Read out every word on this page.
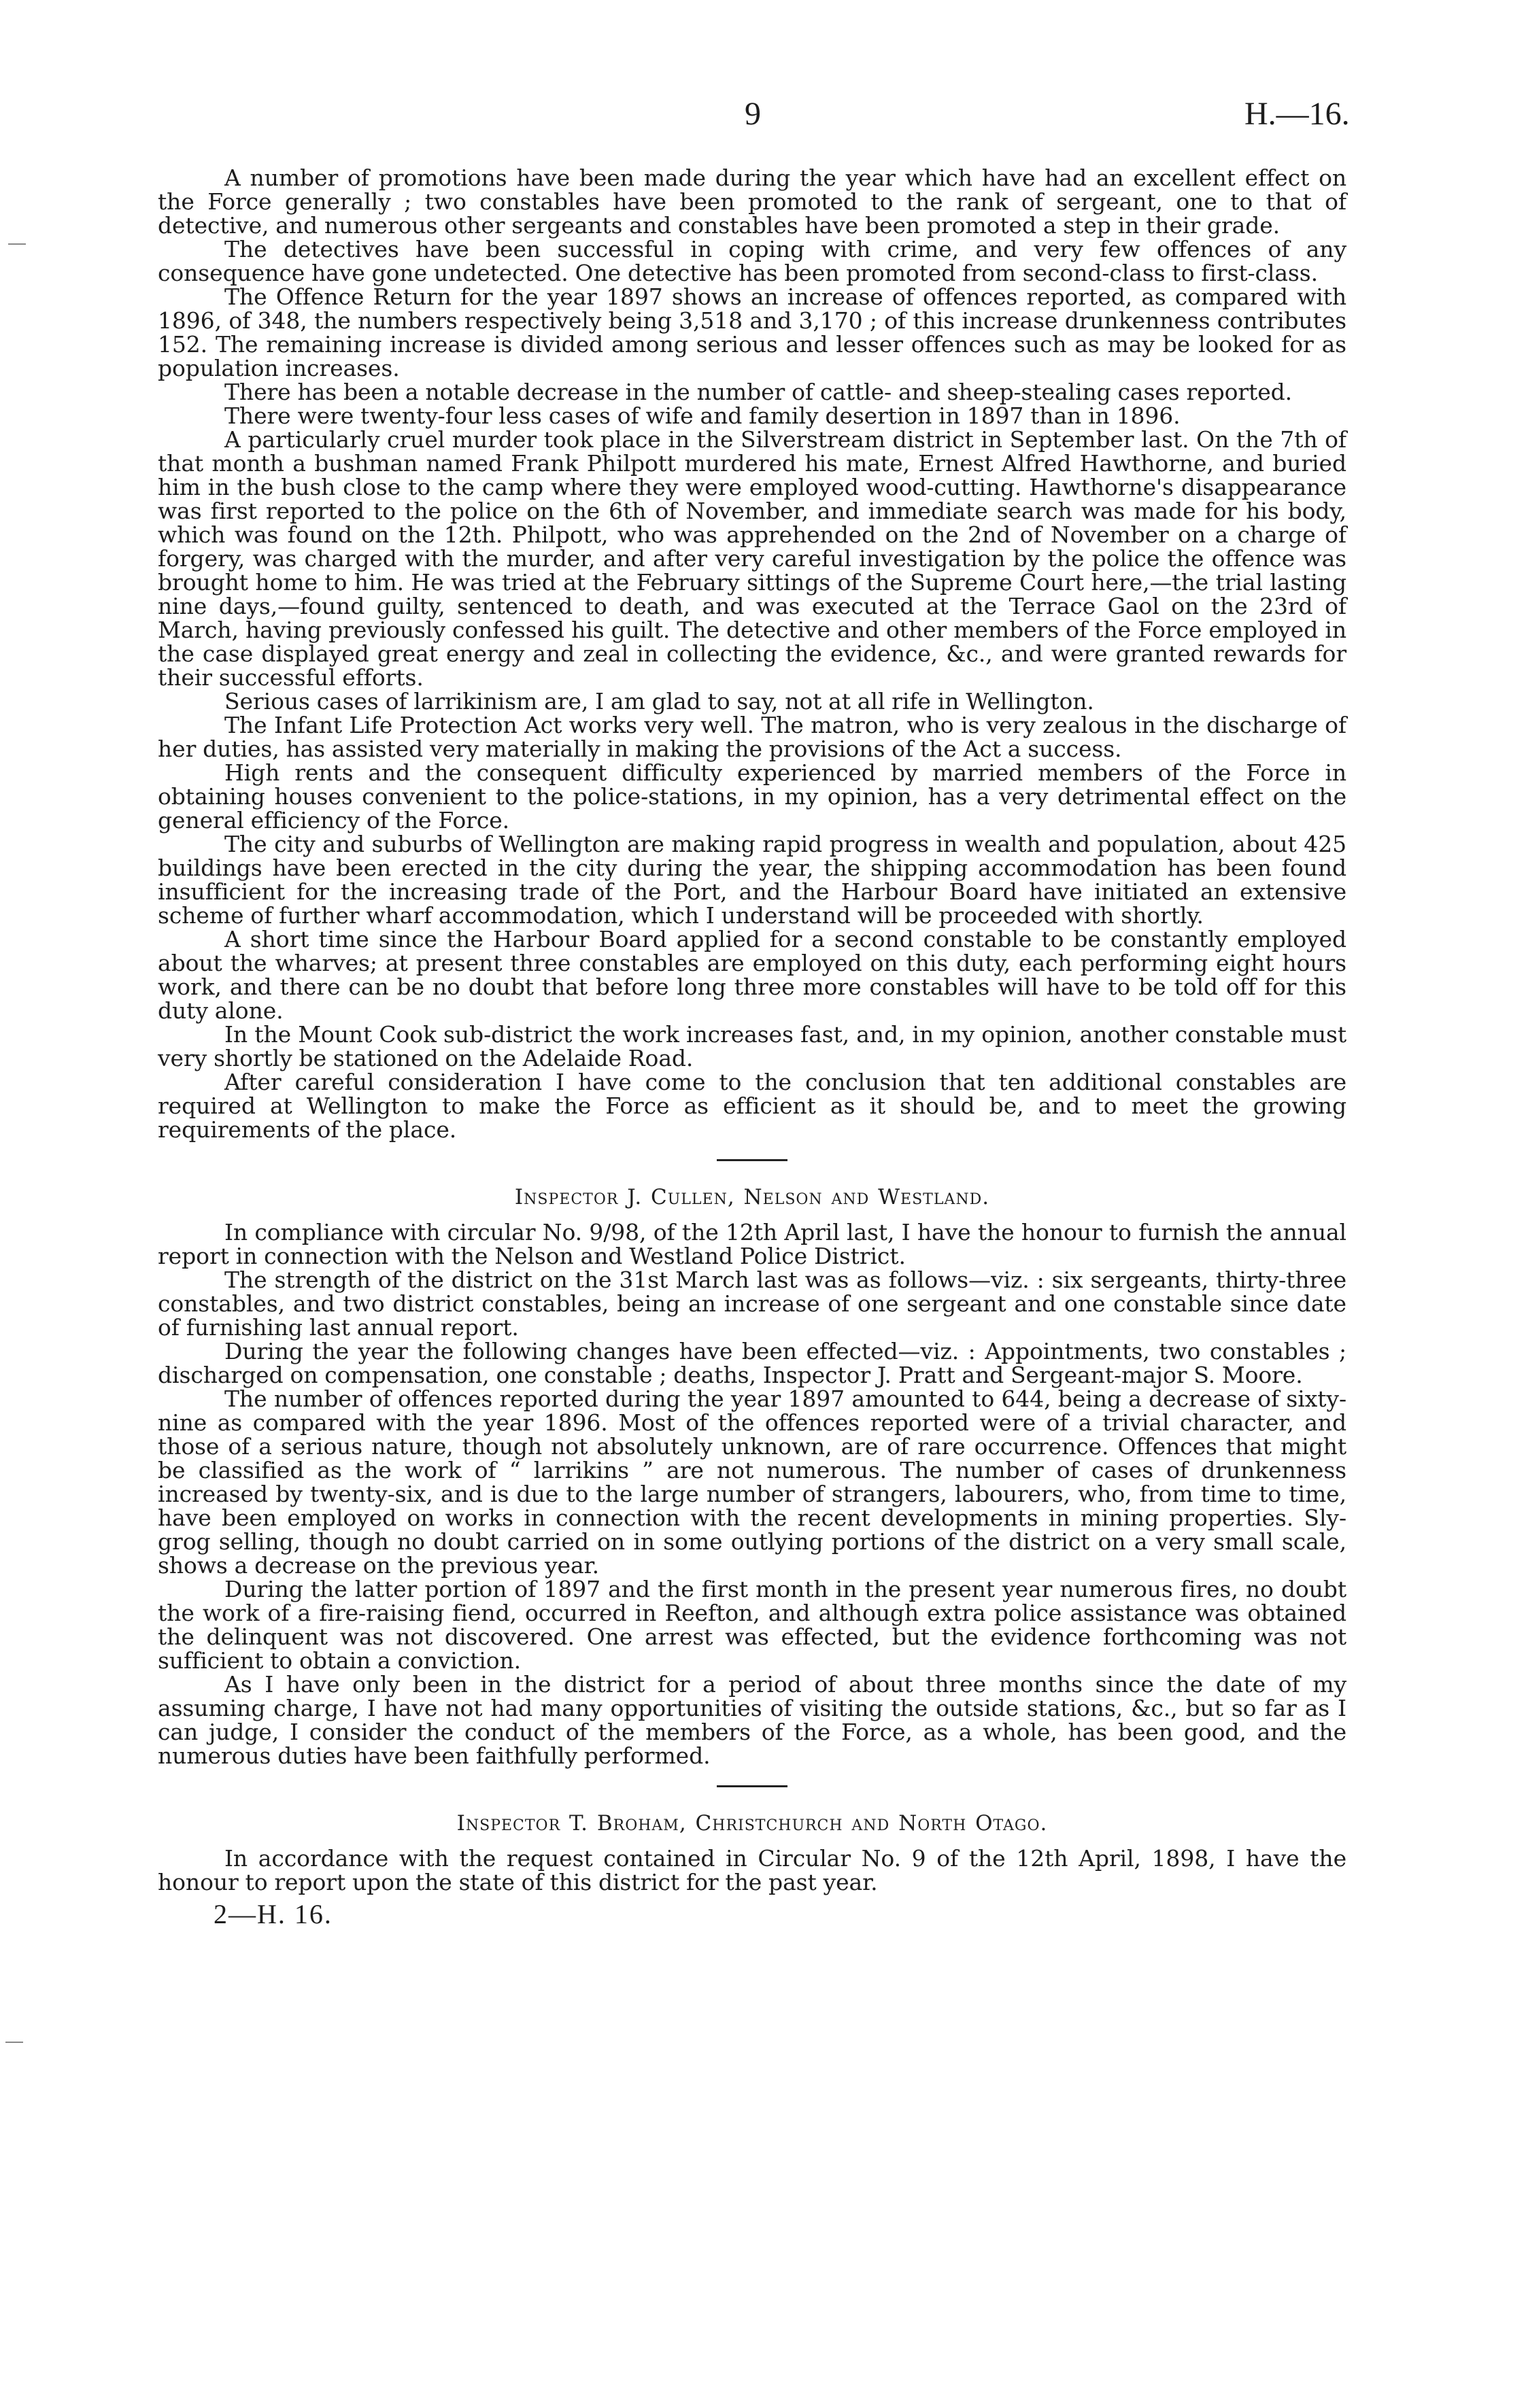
9	H.—16.

A number of promotions have been made during the year which have had an excellent effect on the Force generally ; two constables have been promoted to the rank of sergeant, one to that of detective, and numerous other sergeants and constables have been promoted a step in their grade.

The detectives have been successful in coping with crime, and very few offences of any consequence have gone undetected. One detective has been promoted from second-class to first-class.

The Offence Return for the year 1897 shows an increase of offences reported, as compared with 1896, of 348, the numbers respectively being 3,518 and 3,170 ; of this increase drunkenness contributes 152. The remaining increase is divided among serious and lesser offences such as may be looked for as population increases.

There has been a notable decrease in the number of cattle- and sheep-stealing cases reported.

There were twenty-four less cases of wife and family desertion in 1897 than in 1896.

A particularly cruel murder took place in the Silverstream district in September last. On the 7th of that month a bushman named Frank Philpott murdered his mate, Ernest Alfred Hawthorne, and buried him in the bush close to the camp where they were employed wood-cutting. Hawthorne's disappearance was first reported to the police on the 6th of November, and immediate search was made for his body, which was found on the 12th. Philpott, who was apprehended on the 2nd of November on a charge of forgery, was charged with the murder, and after very careful investigation by the police the offence was brought home to him. He was tried at the February sittings of the Supreme Court here,—the trial lasting nine days,—found guilty, sentenced to death, and was executed at the Terrace Gaol on the 23rd of March, having previously confessed his guilt. The detective and other members of the Force employed in the case displayed great energy and zeal in collecting the evidence, &c., and were granted rewards for their successful efforts.

Serious cases of larrikinism are, I am glad to say, not at all rife in Wellington.

The Infant Life Protection Act works very well. The matron, who is very zealous in the discharge of her duties, has assisted very materially in making the provisions of the Act a success.

High rents and the consequent difficulty experienced by married members of the Force in obtaining houses convenient to the police-stations, in my opinion, has a very detrimental effect on the general efficiency of the Force.

The city and suburbs of Wellington are making rapid progress in wealth and population, about 425 buildings have been erected in the city during the year, the shipping accommodation has been found insufficient for the increasing trade of the Port, and the Harbour Board have initiated an extensive scheme of further wharf accommodation, which I understand will be proceeded with shortly.

A short time since the Harbour Board applied for a second constable to be constantly employed about the wharves; at present three constables are employed on this duty, each performing eight hours work, and there can be no doubt that before long three more constables will have to be told off for this duty alone.

In the Mount Cook sub-district the work increases fast, and, in my opinion, another constable must very shortly be stationed on the Adelaide Road.

After careful consideration I have come to the conclusion that ten additional constables are required at Wellington to make the Force as efficient as it should be, and to meet the growing requirements of the place.

Inspector J. Cullen, Nelson and Westland.

In compliance with circular No. 9/98, of the 12th April last, I have the honour to furnish the annual report in connection with the Nelson and Westland Police District.

The strength of the district on the 31st March last was as follows—viz. : six sergeants, thirty-three constables, and two district constables, being an increase of one sergeant and one constable since date of furnishing last annual report.

During the year the following changes have been effected—viz. : Appointments, two constables ; discharged on compensation, one constable ; deaths, Inspector J. Pratt and Sergeant-major S. Moore.

The number of offences reported during the year 1897 amounted to 644, being a decrease of sixty-nine as compared with the year 1896. Most of the offences reported were of a trivial character, and those of a serious nature, though not absolutely unknown, are of rare occurrence. Offences that might be classified as the work of “ larrikins ” are not numerous. The number of cases of drunkenness increased by twenty-six, and is due to the large number of strangers, labourers, who, from time to time, have been employed on works in connection with the recent developments in mining properties. Sly-grog selling, though no doubt carried on in some outlying portions of the district on a very small scale, shows a decrease on the previous year.

During the latter portion of 1897 and the first month in the present year numerous fires, no doubt the work of a fire-raising fiend, occurred in Reefton, and although extra police assistance was obtained the delinquent was not discovered. One arrest was effected, but the evidence forthcoming was not sufficient to obtain a conviction.

As I have only been in the district for a period of about three months since the date of my assuming charge, I have not had many opportunities of visiting the outside stations, &c., but so far as I can judge, I consider the conduct of the members of the Force, as a whole, has been good, and the numerous duties have been faithfully performed.

Inspector T. Broham, Christchurch and North Otago.

In accordance with the request contained in Circular No. 9 of the 12th April, 1898, I have the honour to report upon the state of this district for the past year.

2—H. 16.
